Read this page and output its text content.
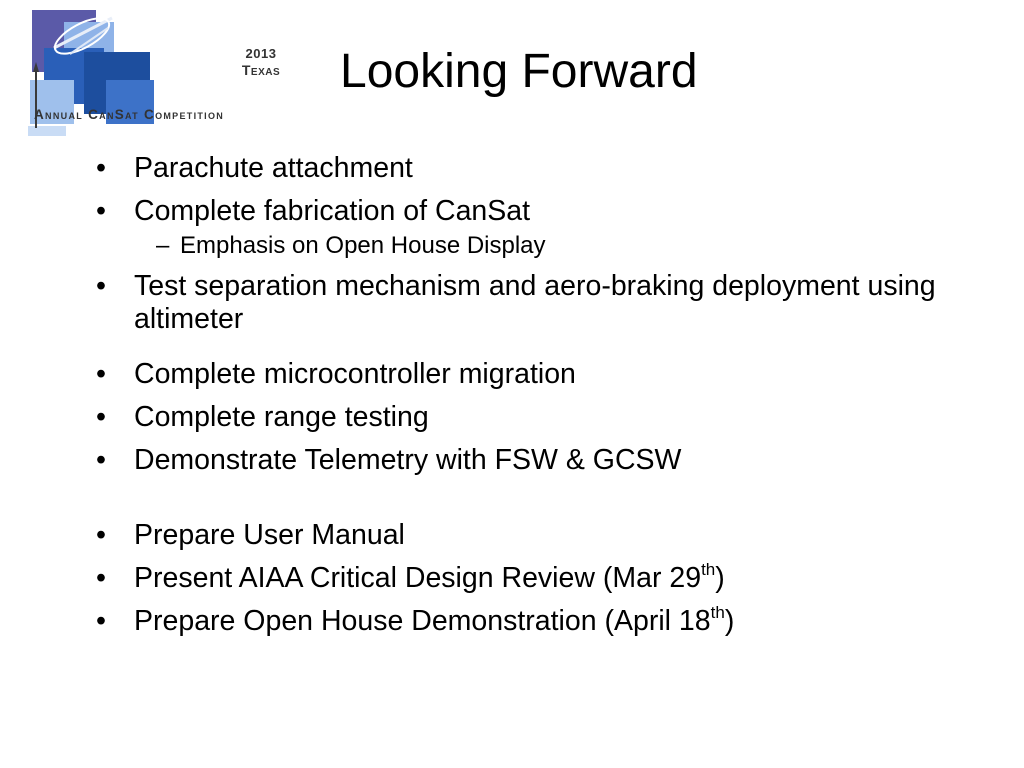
2013
Texas
Annual CanSat Competition
Looking Forward
• Parachute attachment
• Complete fabrication of CanSat
– Emphasis on Open House Display
• Test separation mechanism and aero-braking deployment using altimeter
• Complete microcontroller migration
• Complete range testing
• Demonstrate Telemetry with FSW & GCSW
• Prepare User Manual
• Present AIAA Critical Design Review (Mar 29th)
• Prepare Open House Demonstration (April 18th)
